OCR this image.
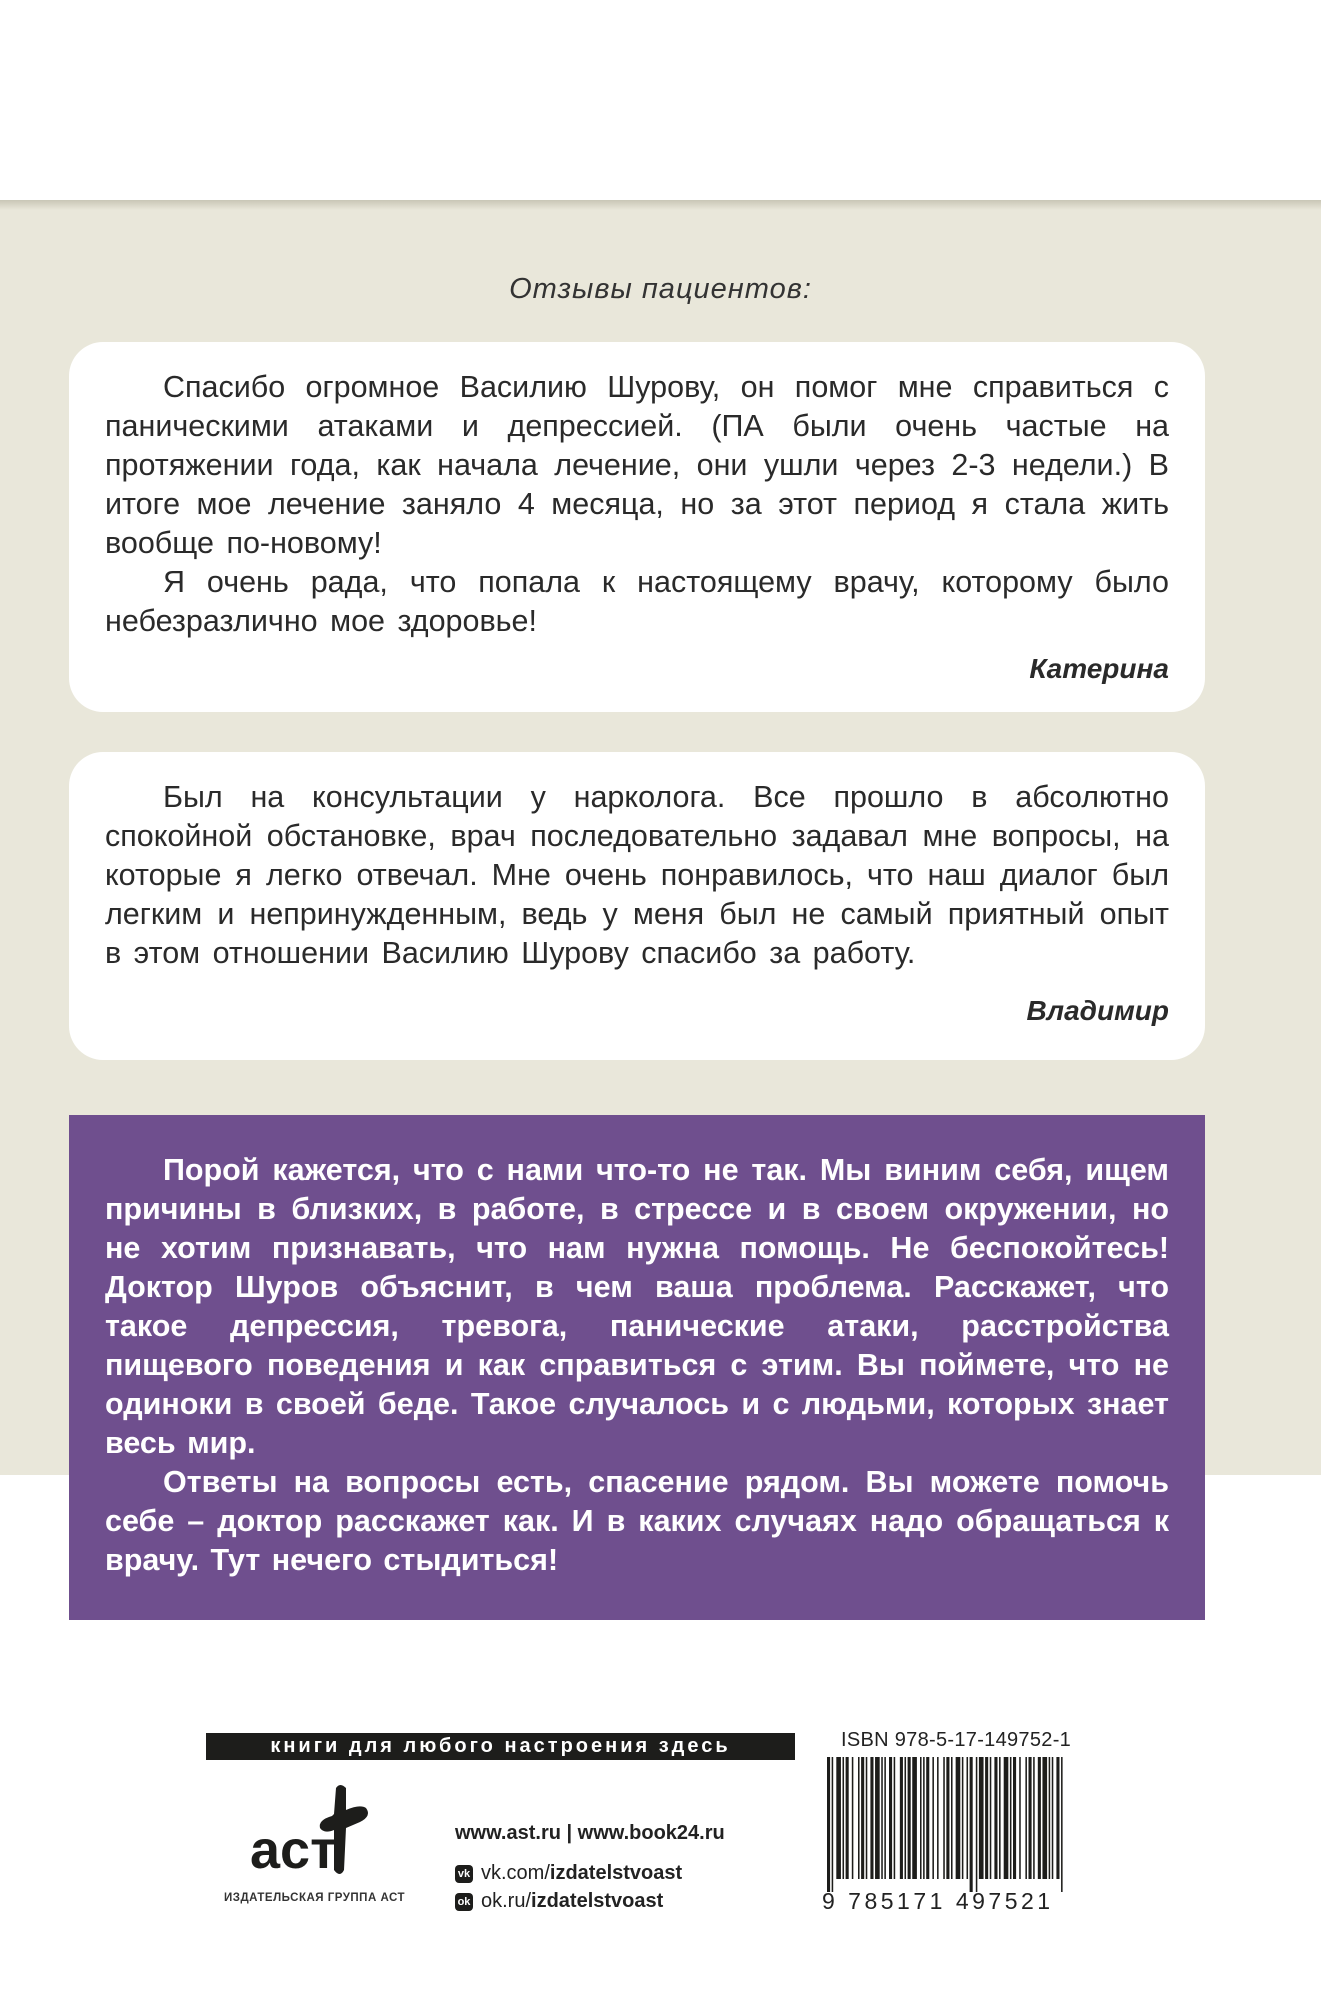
Отзывы пациентов:

Спасибо огромное Василию Шурову, он помог мне справиться с паническими атаками и депрессией. (ПА были очень частые на протяжении года, как начала лечение, они ушли через 2-3 недели.) В итоге мое лечение заняло 4 месяца, но за этот период я стала жить вообще по-новому!

Я очень рада, что попала к настоящему врачу, которому было небезразлично мое здоровье!

Катерина

Был на консультации у нарколога. Все прошло в абсолютно спокойной обстановке, врач последовательно задавал мне вопросы, на которые я легко отвечал. Мне очень понравилось, что наш диалог был легким и непринужденным, ведь у меня был не самый приятный опыт в этом отношении Василию Шурову спасибо за работу.

Владимир

Порой кажется, что с нами что-то не так. Мы виним себя, ищем причины в близких, в работе, в стрессе и в своем окружении, но не хотим признавать, что нам нужна помощь. Не беспокойтесь! Доктор Шуров объяснит, в чем ваша проблема. Расскажет, что такое депрессия, тревога, панические атаки, расстройства пищевого поведения и как справиться с этим. Вы поймете, что не одиноки в своей беде. Такое случалось и с людьми, которых знает весь мир.

Ответы на вопросы есть, спасение рядом. Вы можете помочь себе – доктор расскажет как. И в каких случаях надо обращаться к врачу. Тут нечего стыдиться!

книги для любого настроения здесь
аст
ИЗДАТЕЛЬСКАЯ ГРУППА АСТ
www.ast.ru | www.book24.ru
vk vk.com/ izdatelstvoast
ok ok.ru/ izdatelstvoast
ISBN 978-5-17-149752-1
9 785171 497521
